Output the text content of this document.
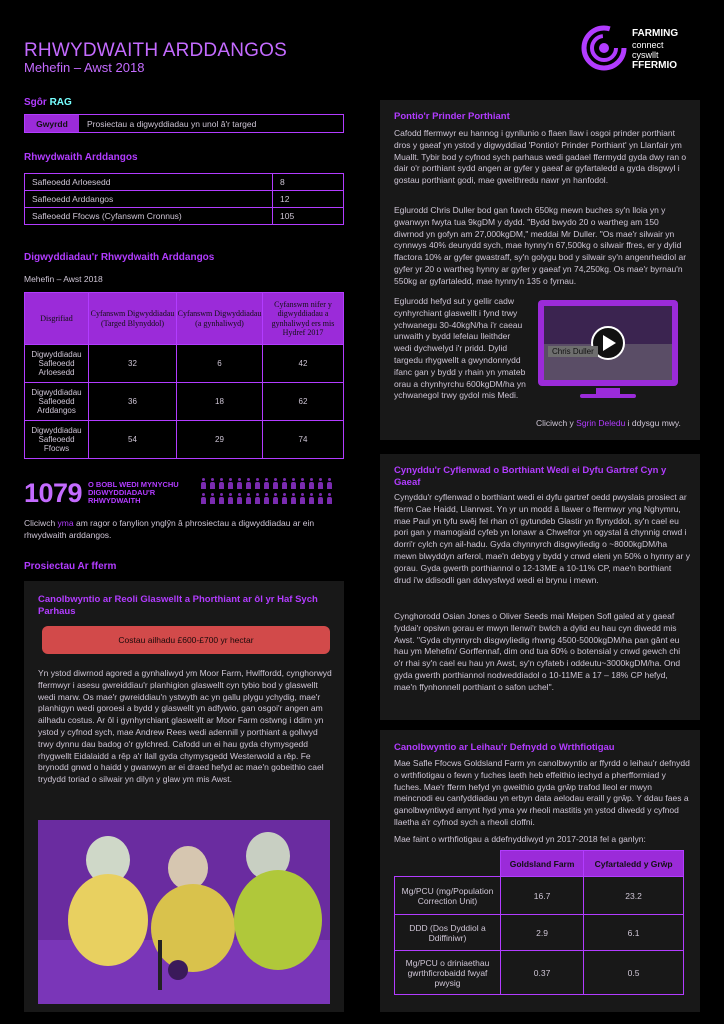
RHWYDWAITH ARDDANGOS
Mehefin – Awst 2018
FARMING
connect
cyswllt
FFERMIO
Sgôr RAG
Gwyrdd	Prosiectau a digwyddiadau yn unol â'r targed
Rhwydwaith Arddangos
Safleoedd Arloesedd	8
Safleoedd Arddangos	12
Safleoedd Ffocws (Cyfanswm Cronnus)	105
Digwyddiadau'r Rhwydwaith Arddangos
Mehefin – Awst 2018
Disgrifiad	Cyfanswm Digwyddiadau (Targed Blynyddol)	Cyfanswm Digwyddiadau (a gynhaliwyd)	Cyfanswm nifer y digwyddiadau a gynhaliwyd ers mis Hydref 2017
Digwyddiadau Safleoedd Arloesedd	32	6	42
Digwyddiadau Safleoedd Arddangos	36	18	62
Digwyddiadau Safleoedd Ffocws	54	29	74
1079 O BOBL WEDI MYNYCHU
DIGWYDDIADAU'R
RHWYDWAITH
Cliciwch yma am ragor o fanylion ynglŷn â phrosiectau a digwyddiadau ar ein rhwydwaith arddangos.
Prosiectau Ar fferm
Canolbwyntio ar Reoli Glaswellt a Phorthiant ar ôl yr Haf Sych Parhaus
Costau ailhadu £600-£700 yr hectar
Yn ystod diwrnod agored a gynhaliwyd ym Moor Farm, Hwlffordd, cynghorwyd ffermwyr i asesu gwreiddiau'r planhigion glaswellt cyn tybio bod y glaswellt wedi marw. Os mae'r gwreiddiau'n ystwyth ac yn gallu plygu ychydig, mae'r planhigyn wedi goroesi a bydd y glaswellt yn adfywio, gan osgoi'r angen am ailhadu costus. Ar ôl i gynhyrchiant glaswellt ar Moor Farm ostwng i ddim yn ystod y cyfnod sych, mae Andrew Rees wedi adennill y porthiant a gollwyd trwy dynnu dau badog o'r gylchred. Cafodd un ei hau gyda chymysgedd rhygwellt Eidalaidd a rêp a'r llall gyda chymysgedd Westerwold a rêp. Fe brynodd gnwd o haidd y gwanwyn ar ei draed hefyd ac mae'n gobeithio cael trydydd toriad o silwair yn dilyn y glaw ym mis Awst.
Pontio'r Prinder Porthiant
Cafodd ffermwyr eu hannog i gynllunio o flaen llaw i osgoi prinder porthiant dros y gaeaf yn ystod y digwyddiad 'Pontio'r Prinder Porthiant' yn Llanfair ym Muallt. Tybir bod y cyfnod sych parhaus wedi gadael ffermydd gyda dwy ran o dair o'r porthiant sydd angen ar gyfer y gaeaf ar gyfartaledd a gyda disgwyl i gostau porthiant godi, mae gweithredu nawr yn hanfodol.
Eglurodd Chris Duller bod gan fuwch 650kg mewn buches sy'n lloia yn y gwanwyn fwyta tua 9kgDM y dydd. "Bydd bwydo 20 o wartheg am 150 diwrnod yn gofyn am 27,000kgDM," meddai Mr Duller. "Os mae'r silwair yn cynnwys 40% deunydd sych, mae hynny'n 67,500kg o silwair ffres, er y dylid ffactora 10% ar gyfer gwastraff, sy'n golygu bod y silwair sy'n angenrheidiol ar gyfer yr 20 o wartheg hynny ar gyfer y gaeaf yn 74,250kg. Os mae'r byrnau'n 550kg ar gyfartaledd, mae hynny'n 135 o fyrnau.
Eglurodd hefyd sut y gellir cadw cynhyrchiant glaswellt i fynd trwy ychwanegu 30-40kgN/ha i'r caeau unwaith y bydd lefelau lleithder wedi dychwelyd i'r pridd. Dylid targedu rhygwellt a gwyndonnydd ifanc gan y bydd y rhain yn ymateb orau a chynhyrchu 600kgDM/ha yn ychwanegol trwy gydol mis Medi.
Chris Duller
Cliciwch y Sgrin Deledu i ddysgu mwy.
Cynyddu'r Cyflenwad o Borthiant Wedi ei Dyfu Gartref Cyn y Gaeaf
Cynyddu'r cyflenwad o borthiant wedi ei dyfu gartref oedd pwyslais prosiect ar fferm Cae Haidd, Llanrwst. Yn yr un modd â llawer o ffermwyr yng Nghymru, mae Paul yn tyfu swêj fel rhan o'i gytundeb Glastir yn flynyddol, sy'n cael eu pori gan y mamogiaid cyfeb yn lonawr a Chwefror yn ogystal â chynnig cnwd i dorri'r cylch cyn ail-hadu. Gyda chynnyrch disgwyliedig o ~8000kgDM/ha mewn blwyddyn arferol, mae'n debyg y bydd y cnwd eleni yn 50% o hynny ar y gorau. Gyda gwerth porthiannol o 12-13ME a 10-11% CP, mae'n borthiant drud i'w ddisodli gan ddwysfwyd wedi ei brynu i mewn.
Cynghorodd Osian Jones o Oliver Seeds mai Meipen Sofl galed at y gaeaf fyddai'r opsiwn gorau er mwyn llenwi'r bwlch a dylid eu hau cyn diwedd mis Awst. "Gyda chynnyrch disgwyliedig rhwng 4500-5000kgDM/ha pan gânt eu hau ym Mehefin/ Gorffennaf, dim ond tua 60% o botensial y cnwd gewch chi o'r rhai sy'n cael eu hau yn Awst, sy'n cyfateb i oddeutu~3000kgDM/ha. Ond gyda gwerth porthiannol nodweddiadol o 10-11ME a 17 – 18% CP hefyd, mae'n ffynhonnell porthiant o safon uchel".
Canolbwyntio ar Leihau'r Defnydd o Wrthfiotigau
Mae Safle Ffocws Goldsland Farm yn canolbwyntio ar ffyrdd o leihau'r defnydd o wrthfiotigau o fewn y fuches laeth heb effeithio iechyd a pherfformiad y fuches. Mae'r fferm hefyd yn gweithio gyda grŵp trafod lleol er mwyn meincnodi eu canfyddiadau yn erbyn data aelodau eraill y grŵp. Y ddau faes a ganolbwyntiwyd arnynt hyd yma yw rheoli mastitis yn ystod diwedd y cyfnod llaetha a'r cyfnod sych a rheoli cloffni.
Mae faint o wrthfiotigau a ddefnyddiwyd yn 2017-2018 fel a ganlyn:
	Goldsland Farm	Cyfartaledd y Grŵp
Mg/PCU (mg/Population Correction Unit)	16.7	23.2
DDD (Dos Dyddiol a Ddiffiniwr)	2.9	6.1
Mg/PCU o driniaethau gwrthficrobaidd fwyaf pwysig	0.37	0.5
